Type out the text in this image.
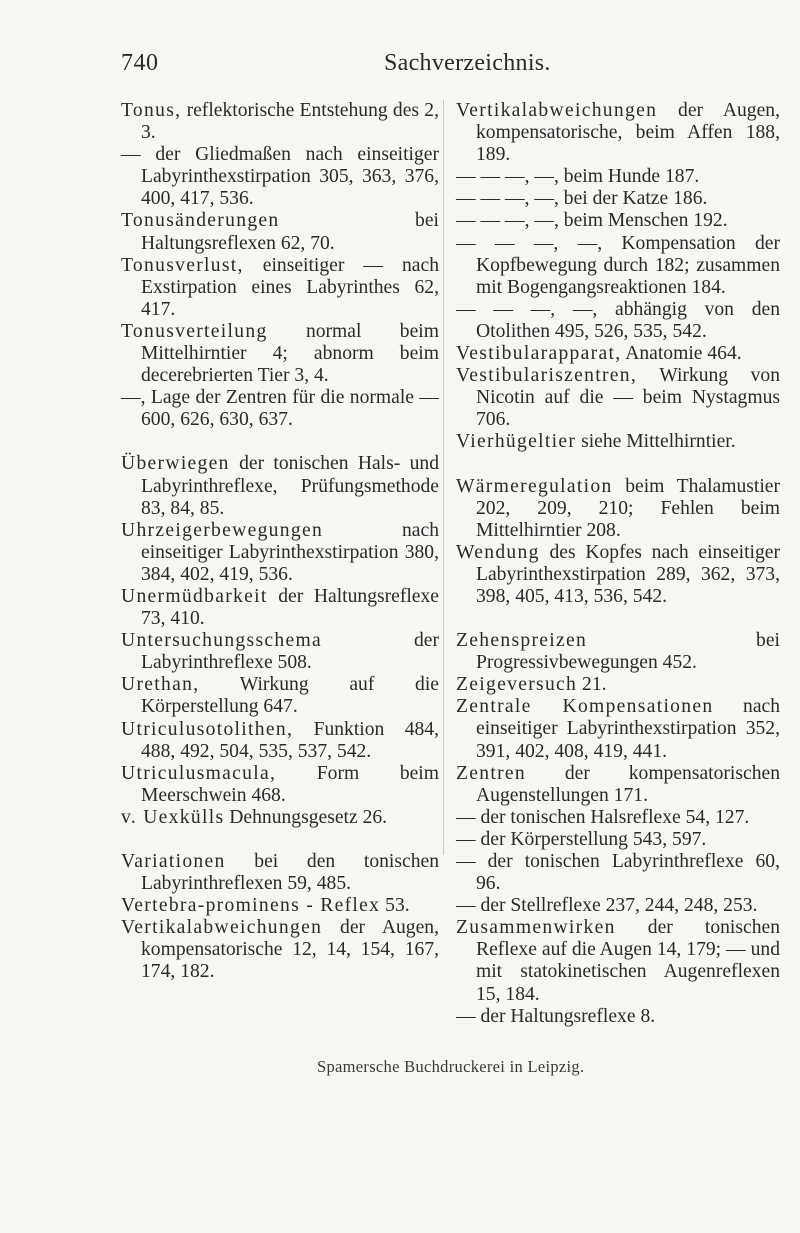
740	Sachverzeichnis.

Tonus, reflektorische Entstehung des 2, 3.

— der Gliedmaßen nach einseitiger Labyrinthexstirpation 305, 363, 376, 400, 417, 536.

Tonusänderungen bei Haltungsreflexen 62, 70.

Tonusverlust, einseitiger — nach Exstirpation eines Labyrinthes 62, 417.

Tonusverteilung normal beim Mittelhirntier 4; abnorm beim decerebrierten Tier 3, 4.

—, Lage der Zentren für die normale — 600, 626, 630, 637.

Überwiegen der tonischen Hals- und Labyrinthreflexe, Prüfungsmethode 83, 84, 85.

Uhrzeigerbewegungen nach einseitiger Labyrinthexstirpation 380, 384, 402, 419, 536.

Unermüdbarkeit der Haltungsreflexe 73, 410.

Untersuchungsschema der Labyrinthreflexe 508.

Urethan, Wirkung auf die Körperstellung 647.

Utriculusotolithen, Funktion 484, 488, 492, 504, 535, 537, 542.

Utriculusmacula, Form beim Meerschwein 468.

v. Uexkülls Dehnungsgesetz 26.

Variationen bei den tonischen Labyrinthreflexen 59, 485.

Vertebra-prominens - Reflex 53.

Vertikalabweichungen der Augen, kompensatorische 12, 14, 154, 167, 174, 182.

Vertikalabweichungen der Augen, kompensatorische, beim Affen 188, 189.

— — —, —, beim Hunde 187.

— — —, —, bei der Katze 186.

— — —, —, beim Menschen 192.

— — —, —, Kompensation der Kopfbewegung durch 182; zusammen mit Bogengangsreaktionen 184.

— — —, —, abhängig von den Otolithen 495, 526, 535, 542.

Vestibularapparat, Anatomie 464.

Vestibulariszentren, Wirkung von Nicotin auf die — beim Nystagmus 706.

Vierhügeltier siehe Mittelhirntier.

Wärmeregulation beim Thalamustier 202, 209, 210; Fehlen beim Mittelhirntier 208.

Wendung des Kopfes nach einseitiger Labyrinthexstirpation 289, 362, 373, 398, 405, 413, 536, 542.

Zehenspreizen bei Progressivbewegungen 452.

Zeigeversuch 21.

Zentrale Kompensationen nach einseitiger Labyrinthexstirpation 352, 391, 402, 408, 419, 441.

Zentren der kompensatorischen Augenstellungen 171.

— der tonischen Halsreflexe 54, 127.

— der Körperstellung 543, 597.

— der tonischen Labyrinthreflexe 60, 96.

— der Stellreflexe 237, 244, 248, 253.

Zusammenwirken der tonischen Reflexe auf die Augen 14, 179; — und mit statokinetischen Augenreflexen 15, 184.

— der Haltungsreflexe 8.

Spamersche Buchdruckerei in Leipzig.
